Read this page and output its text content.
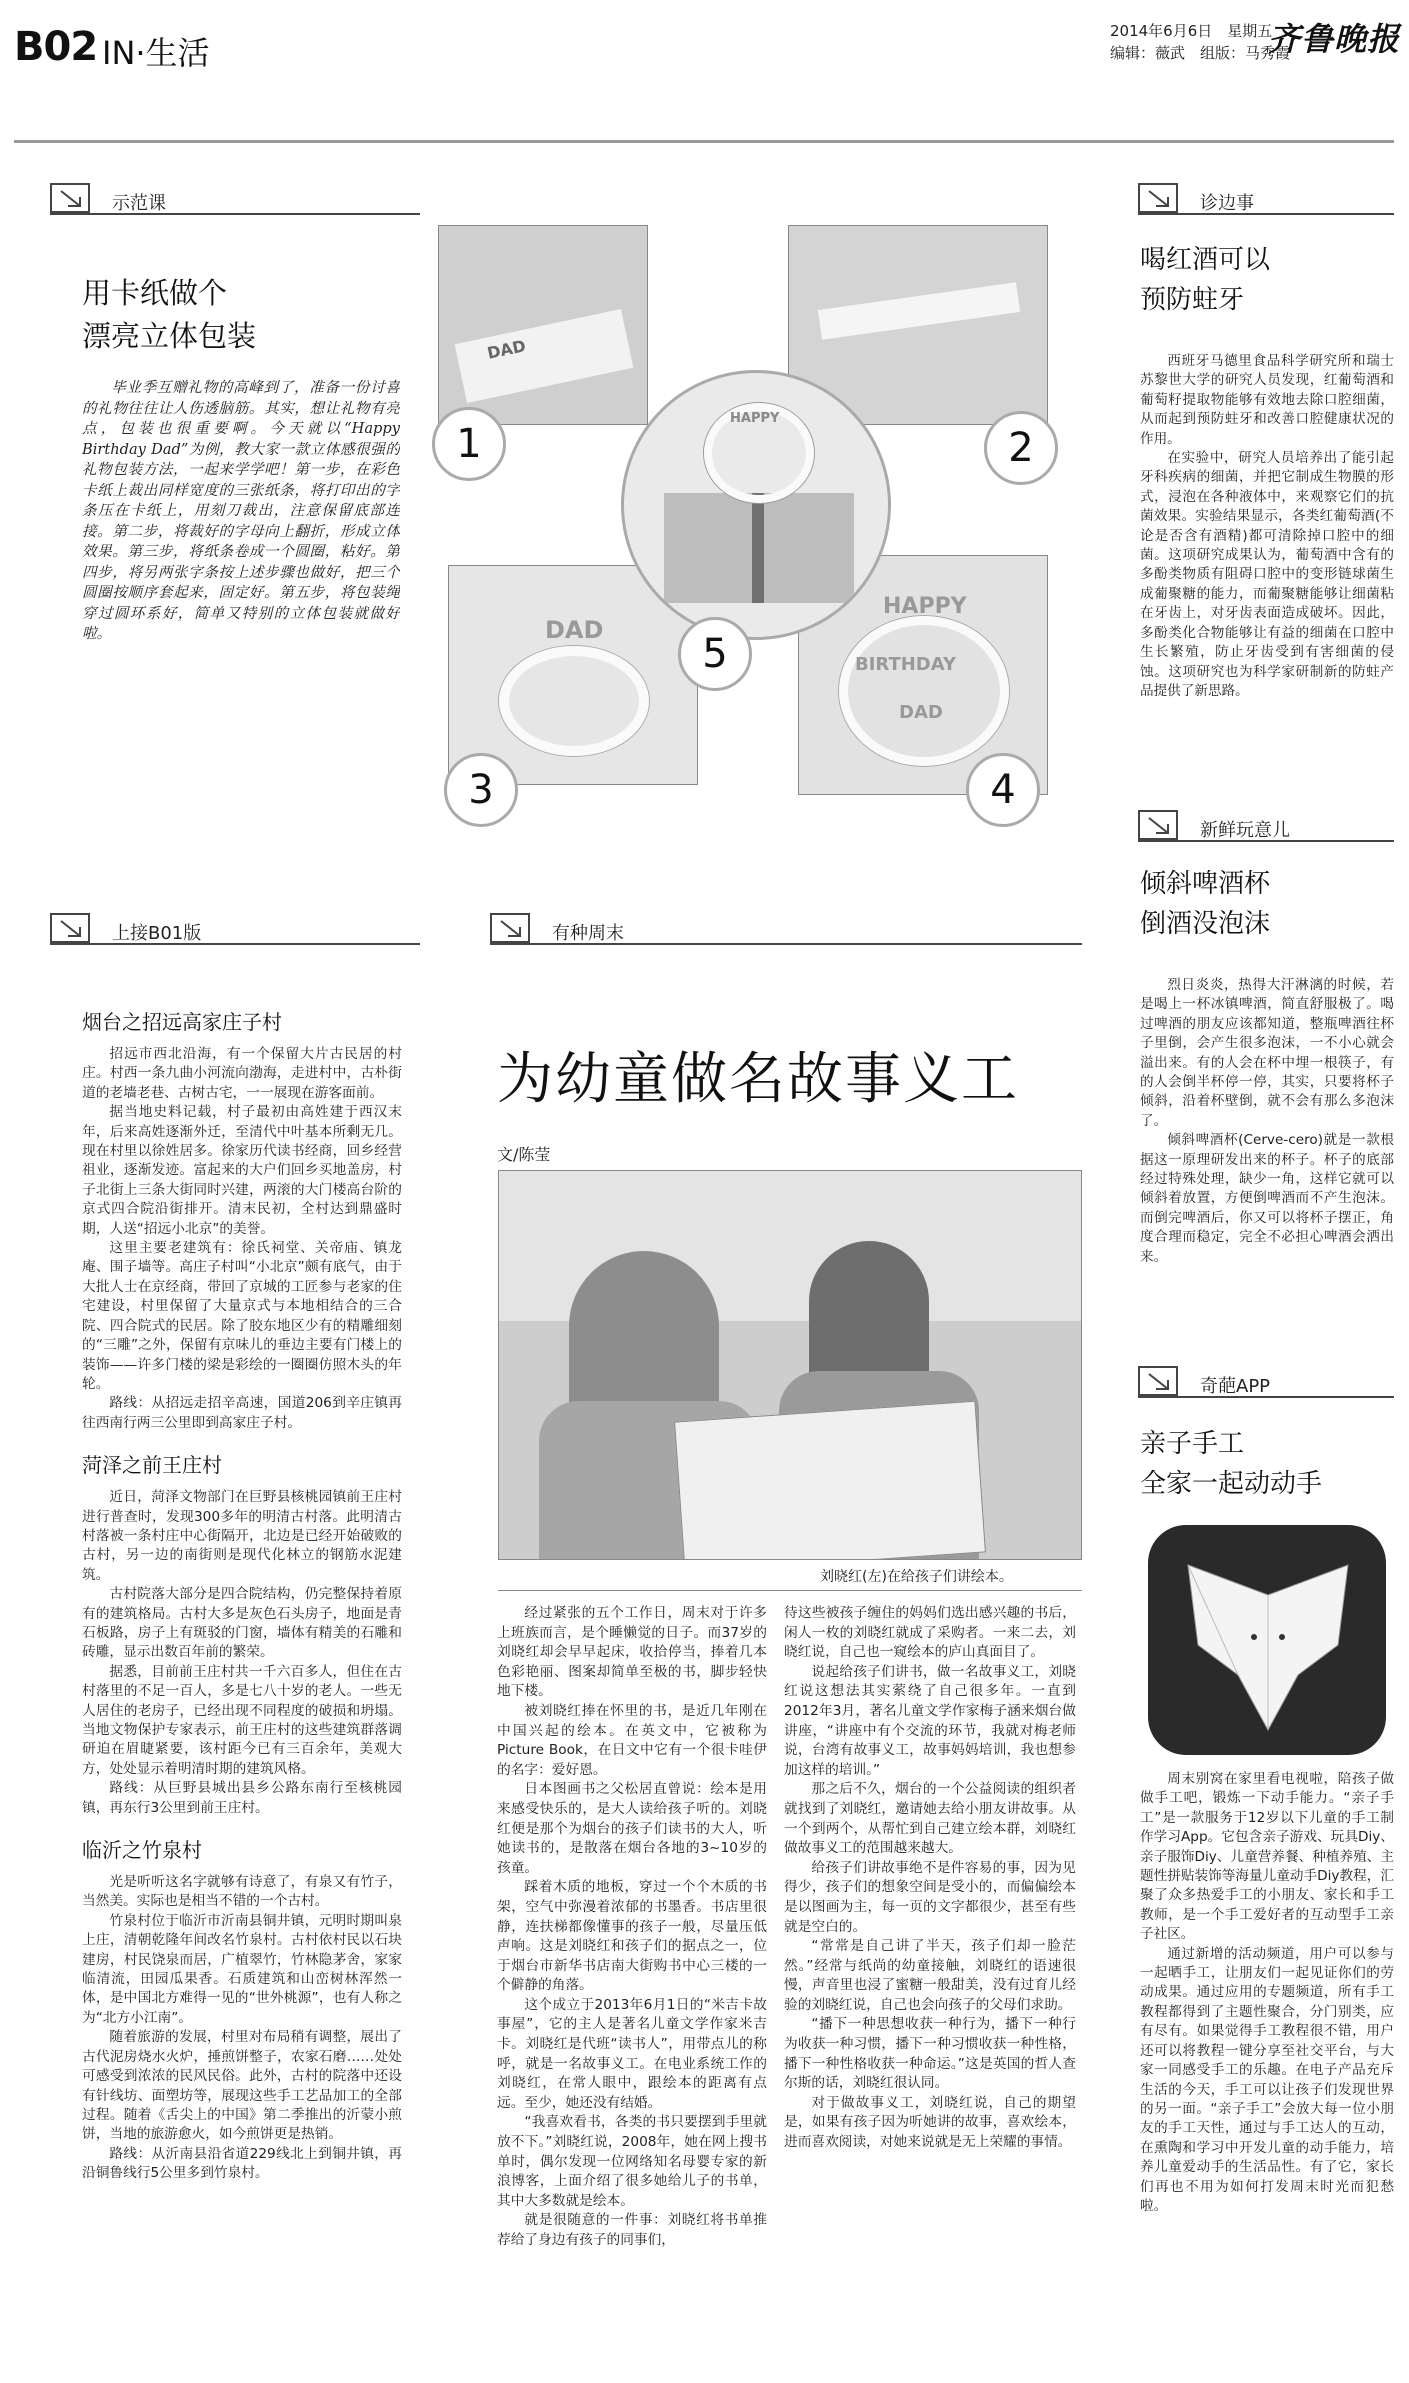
B02 IN·生活
2014年6月6日　星期五
编辑：薇武　组版：马秀霞
齐鲁晚报
示范课
用卡纸做个
漂亮立体包装

毕业季互赠礼物的高峰到了，准备一份讨喜的礼物往往让人伤透脑筋。其实，想让礼物有亮点，包装也很重要啊。今天就以“Happy Birthday Dad”为例，教大家一款立体感很强的礼物包装方法，一起来学学吧！第一步，在彩色卡纸上裁出同样宽度的三张纸条，将打印出的字条压在卡纸上，用刻刀裁出，注意保留底部连接。第二步，将裁好的字母向上翻折，形成立体效果。第三步，将纸条卷成一个圆圈，粘好。第四步，将另两张字条按上述步骤也做好，把三个圆圈按顺序套起来，固定好。第五步，将包装绳穿过圆环系好，简单又特别的立体包装就做好啦。

DAD
DAD
HAPPY
BIRTHDAY
DAD
HAPPY
1	2
3	4
5
诊边事
喝红酒可以
预防蛀牙

西班牙马德里食品科学研究所和瑞士苏黎世大学的研究人员发现，红葡萄酒和葡萄籽提取物能够有效地去除口腔细菌，从而起到预防蛀牙和改善口腔健康状况的作用。

在实验中，研究人员培养出了能引起牙科疾病的细菌，并把它制成生物膜的形式，浸泡在各种液体中，来观察它们的抗菌效果。实验结果显示，各类红葡萄酒(不论是否含有酒精)都可清除掉口腔中的细菌。这项研究成果认为，葡萄酒中含有的多酚类物质有阻碍口腔中的变形链球菌生成葡聚糖的能力，而葡聚糖能够让细菌粘在牙齿上，对牙齿表面造成破坏。因此，多酚类化合物能够让有益的细菌在口腔中生长繁殖，防止牙齿受到有害细菌的侵蚀。这项研究也为科学家研制新的防蛀产品提供了新思路。

新鲜玩意儿
倾斜啤酒杯
倒酒没泡沫

烈日炎炎，热得大汗淋漓的时候，若是喝上一杯冰镇啤酒，简直舒服极了。喝过啤酒的朋友应该都知道，整瓶啤酒往杯子里倒，会产生很多泡沫，一不小心就会溢出来。有的人会在杯中埋一根筷子，有的人会倒半杯停一停，其实，只要将杯子倾斜，沿着杯壁倒，就不会有那么多泡沫了。

倾斜啤酒杯(Cerve-cero)就是一款根据这一原理研发出来的杯子。杯子的底部经过特殊处理，缺少一角，这样它就可以倾斜着放置，方便倒啤酒而不产生泡沫。而倒完啤酒后，你又可以将杯子摆正，角度合理而稳定，完全不必担心啤酒会洒出来。

奇葩APP
亲子手工
全家一起动动手

周末别窝在家里看电视啦，陪孩子做做手工吧，锻炼一下动手能力。“亲子手工”是一款服务于12岁以下儿童的手工制作学习App。它包含亲子游戏、玩具Diy、亲子服饰Diy、儿童营养餐、种植养殖、主题性拼贴装饰等海量儿童动手Diy教程，汇聚了众多热爱手工的小朋友、家长和手工教师，是一个手工爱好者的互动型手工亲子社区。

通过新增的活动频道，用户可以参与一起晒手工，让朋友们一起见证你们的劳动成果。通过应用的专题频道，所有手工教程都得到了主题性聚合，分门别类，应有尽有。如果觉得手工教程很不错，用户还可以将教程一键分享至社交平台，与大家一同感受手工的乐趣。在电子产品充斥生活的今天，手工可以让孩子们发现世界的另一面。“亲子手工”会放大每一位小朋友的手工天性，通过与手工达人的互动，在熏陶和学习中开发儿童的动手能力，培养儿童爱动手的生活品性。有了它，家长们再也不用为如何打发周末时光而犯愁啦。

上接B01版
烟台之招远高家庄子村

招远市西北沿海，有一个保留大片古民居的村庄。村西一条九曲小河流向渤海，走进村中，古朴街道的老墙老巷、古树古宅，一一展现在游客面前。

据当地史料记载，村子最初由高姓建于西汉末年，后来高姓逐渐外迁，至清代中叶基本所剩无几。现在村里以徐姓居多。徐家历代读书经商，回乡经营祖业，逐渐发迹。富起来的大户们回乡买地盖房，村子北街上三条大街同时兴建，两滚的大门楼高台阶的京式四合院沿街排开。清末民初，全村达到鼎盛时期，人送“招远小北京”的美誉。

这里主要老建筑有：徐氏祠堂、关帝庙、镇龙庵、围子墙等。高庄子村叫“小北京”颇有底气，由于大批人士在京经商，带回了京城的工匠参与老家的住宅建设，村里保留了大量京式与本地相结合的三合院、四合院式的民居。除了胶东地区少有的精雕细刻的“三雕”之外，保留有京味儿的垂边主要有门楼上的装饰——许多门楼的梁是彩绘的一圈圈仿照木头的年轮。

路线：从招远走招辛高速，国道206到辛庄镇再往西南行两三公里即到高家庄子村。

菏泽之前王庄村

近日，菏泽文物部门在巨野县核桃园镇前王庄村进行普查时，发现300多年的明清古村落。此明清古村落被一条村庄中心街隔开，北边是已经开始破败的古村，另一边的南街则是现代化林立的钢筋水泥建筑。

古村院落大部分是四合院结构，仍完整保持着原有的建筑格局。古村大多是灰色石头房子，地面是青石板路，房子上有斑驳的门窗，墙体有精美的石雕和砖雕，显示出数百年前的繁荣。

据悉，目前前王庄村共一千六百多人，但住在古村落里的不足一百人，多是七八十岁的老人。一些无人居住的老房子，已经出现不同程度的破损和坍塌。当地文物保护专家表示，前王庄村的这些建筑群落调研迫在眉睫紧要，该村距今已有三百余年，美观大方，处处显示着明清时期的建筑风格。

路线：从巨野县城出县乡公路东南行至核桃园镇，再东行3公里到前王庄村。

临沂之竹泉村

光是听听这名字就够有诗意了，有泉又有竹子，当然美。实际也是相当不错的一个古村。

竹泉村位于临沂市沂南县铜井镇，元明时期叫泉上庄，清朝乾隆年间改名竹泉村。古村依村民以石块建房，村民饶泉而居，广植翠竹，竹林隐茅舍，家家临清流，田园瓜果香。石质建筑和山峦树林浑然一体，是中国北方难得一见的“世外桃源”，也有人称之为“北方小江南”。

随着旅游的发展，村里对布局稍有调整，展出了古代泥房烧水火炉，捶煎饼整子，农家石磨……处处可感受到浓浓的民风民俗。此外，古村的院落中还设有针线坊、面塑坊等，展现这些手工艺品加工的全部过程。随着《舌尖上的中国》第二季推出的沂蒙小煎饼，当地的旅游愈火，如今煎饼更是热销。

路线：从沂南县沿省道229线北上到铜井镇，再沿铜鲁线行5公里多到竹泉村。

有种周末
为幼童做名故事义工
文/陈莹
刘晓红(左)在给孩子们讲绘本。

经过紧张的五个工作日，周末对于许多上班族而言，是个睡懒觉的日子。而37岁的刘晓红却会早早起床，收拾停当，捧着几本色彩艳丽、图案却简单至极的书，脚步轻快地下楼。

被刘晓红捧在怀里的书，是近几年刚在中国兴起的绘本。在英文中，它被称为Picture Book，在日文中它有一个很卡哇伊的名字：爱好恩。

日本图画书之父松居直曾说：绘本是用来感受快乐的，是大人读给孩子听的。刘晓红便是那个为烟台的孩子们读书的大人，听她读书的，是散落在烟台各地的3~10岁的孩童。

踩着木质的地板，穿过一个个木质的书架，空气中弥漫着浓郁的书墨香。书店里很静，连扶梯都像懂事的孩子一般，尽量压低声响。这是刘晓红和孩子们的据点之一，位于烟台市新华书店南大街购书中心三楼的一个僻静的角落。

这个成立于2013年6月1日的“米吉卡故事屋”，它的主人是著名儿童文学作家米吉卡。刘晓红是代班“读书人”，用带点儿的称呼，就是一名故事义工。在电业系统工作的刘晓红，在常人眼中，跟绘本的距离有点远。至少，她还没有结婚。

“我喜欢看书，各类的书只要摆到手里就放不下。”刘晓红说，2008年，她在网上搜书单时，偶尔发现一位网络知名母婴专家的新浪博客，上面介绍了很多她给儿子的书单，其中大多数就是绘本。

就是很随意的一件事：刘晓红将书单推荐给了身边有孩子的同事们，

待这些被孩子缠住的妈妈们选出感兴趣的书后，闲人一枚的刘晓红就成了采购者。一来二去，刘晓红说，自己也一窥绘本的庐山真面目了。

说起给孩子们讲书，做一名故事义工，刘晓红说这想法其实萦绕了自己很多年。一直到2012年3月，著名儿童文学作家梅子涵来烟台做讲座，“讲座中有个交流的环节，我就对梅老师说，台湾有故事义工，故事妈妈培训，我也想参加这样的培训。”

那之后不久，烟台的一个公益阅读的组织者就找到了刘晓红，邀请她去给小朋友讲故事。从一个到两个，从帮忙到自己建立绘本群，刘晓红做故事义工的范围越来越大。

给孩子们讲故事绝不是件容易的事，因为见得少，孩子们的想象空间是受小的，而偏偏绘本是以图画为主，每一页的文字都很少，甚至有些就是空白的。

“常常是自己讲了半天，孩子们却一脸茫然。”经常与纸尚的幼童接触，刘晓红的语速很慢，声音里也浸了蜜糖一般甜美，没有过育儿经验的刘晓红说，自己也会向孩子的父母们求助。

“播下一种思想收获一种行为，播下一种行为收获一种习惯，播下一种习惯收获一种性格，播下一种性格收获一种命运。”这是英国的哲人查尔斯的话，刘晓红很认同。

对于做故事义工，刘晓红说，自己的期望是，如果有孩子因为听她讲的故事，喜欢绘本，进而喜欢阅读，对她来说就是无上荣耀的事情。
